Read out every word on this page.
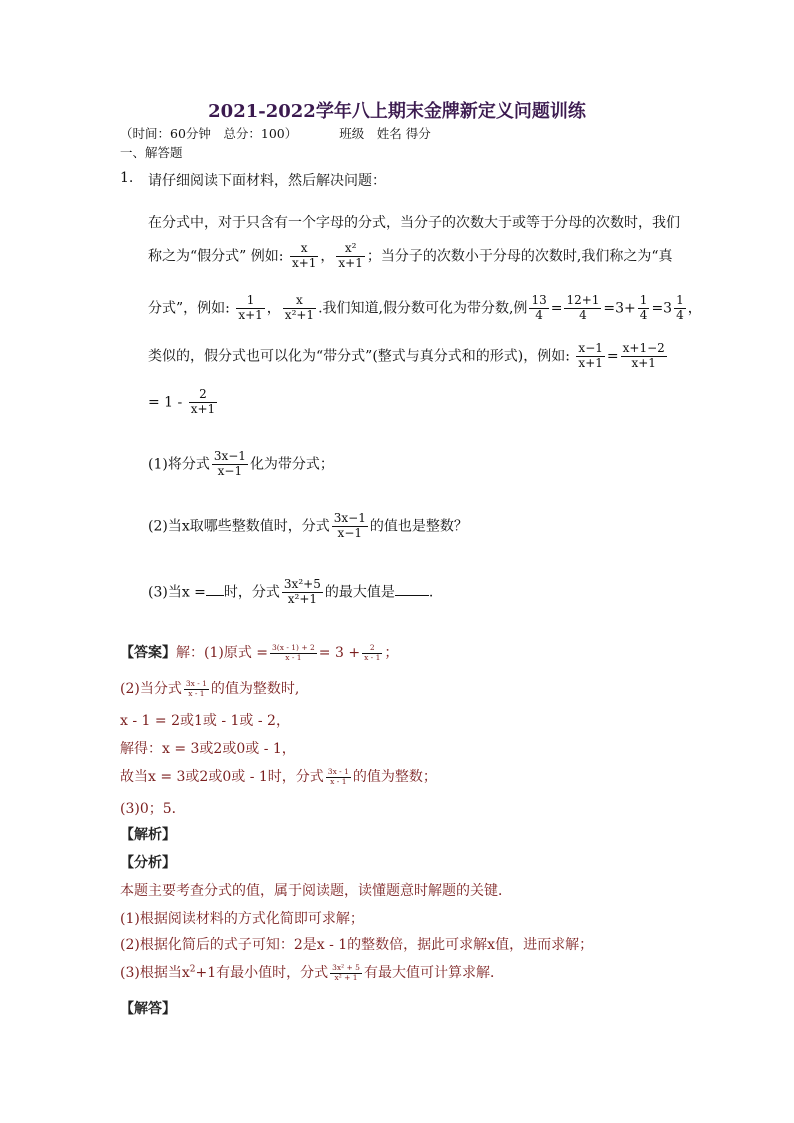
2021-2022学年八上期末金牌新定义问题训练
（时间：60分钟　总分：100）	班级　姓名 得分
一、解答题
1. 请仔细阅读下面材料，然后解决问题：
在分式中，对于只含有一个字母的分式，当分子的次数大于或等于分母的次数时，我们
称之为“假分式” 例如: $\frac{x}{x+1}$ ， $\frac{\text{x²}}{x+1}$ ；当分子的次数小于分母的次数时,我们称之为“真
分式”，例如: $\frac{1}{x+1}$ ， $\frac{x}{\text{x²+1}}$ .我们知道,假分数可化为带分数,例 $\frac{13}{4} = \frac{12+1}{4} =3+ \frac{1}{4} =3 \frac{1}{4}$ ，
类似的，假分式也可以化为“带分式”(整式与真分式和的形式)，例如: $\frac{x-1}{x+1} = \frac{x+1-2}{x+1}$
= $1 - \frac{2}{x+1}$
(1)将分式 $\frac{3x-1}{x-1}$ 化为带分式；
(2)当x取哪些整数值时，分式 $\frac{3x-1}{x-1}$ 的值也是整数？
(3)当x = 时，分式 $\frac{\text{3x²+5}}{\text{x²+1}}$ 的最大值是 .
【答案】解：(1)原式 = $\frac{3(x - 1) + 2}{x - 1} = 3 + \frac{2}{x - 1}$ ；
(2)当分式 $\frac{3x - 1}{x - 1}$ 的值为整数时,
x - 1 = 2或1或 - 1或 - 2，
解得：x = 3或2或0或 - 1，
故当x = 3或2或0或 - 1时，分式 $\frac{3x - 1}{x - 1}$ 的值为整数；
(3)0；5．
【解析】
【分析】
本题主要考查分式的值，属于阅读题，读懂题意时解题的关键．
(1)根据阅读材料的方式化简即可求解；
(2)根据化简后的式子可知：2是x - 1的整数倍，据此可求解x值，进而求解；
(3)根据当$x^2+1$有最小值时，分式 $\frac{\text{3x² + 5}}{\text{x² + 1}}$ 有最大值可计算求解．
【解答】
